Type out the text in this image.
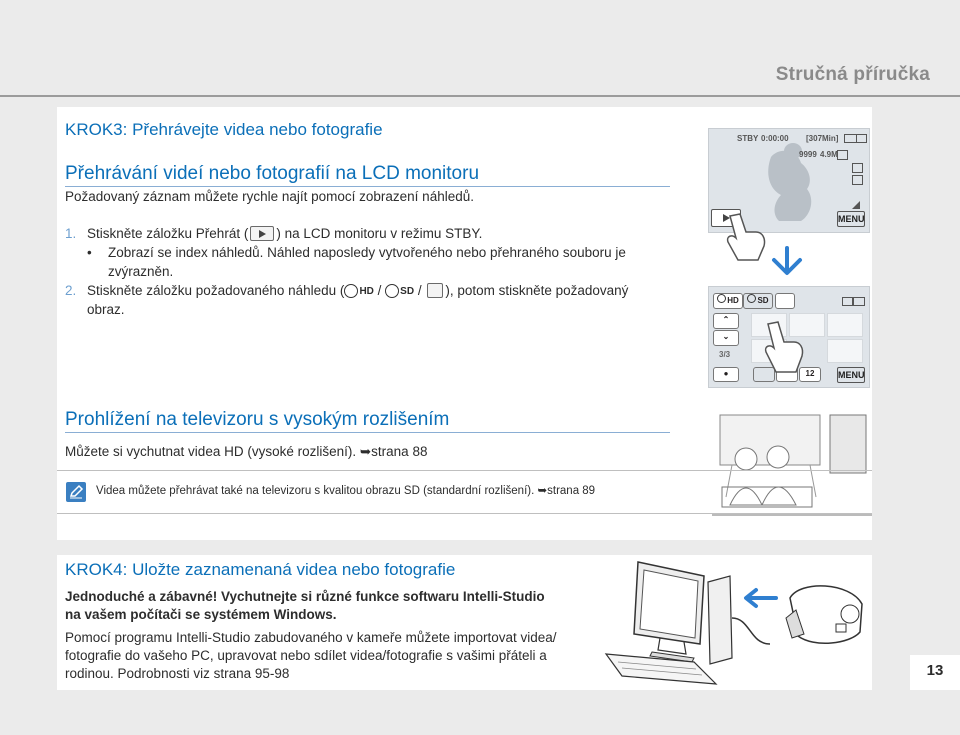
Stručná příručka
KROK3: Přehrávejte videa nebo fotografie
Přehrávání videí nebo fotografií na LCD monitoru
Požadovaný záznam můžete rychle najít pomocí zobrazení náhledů.
1. Stiskněte záložku Přehrát ( ) na LCD monitoru v režimu STBY.
• Zobrazí se index náhledů. Náhled naposledy vytvořeného nebo přehraného souboru je
zvýrazněn.
2. Stiskněte záložku požadovaného náhledu ( HD / SD / ), potom stiskněte požadovaný
obraz.
STBY 0:00:00 [307Min]
9999 4.9M
MENU
HD	SD
⌃
⌄
3/3
●	12	MENU
Prohlížení na televizoru s vysokým rozlišením
Můžete si vychutnat videa HD (vysoké rozlišení). ➥strana 88
Videa můžete přehrávat také na televizoru s kvalitou obrazu SD (standardní rozlišení). ➥strana 89
KROK4: Uložte zaznamenaná videa nebo fotografie
Jednoduché a zábavné! Vychutnejte si různé funkce softwaru Intelli-Studio
na vašem počítači se systémem Windows.
Pomocí programu Intelli-Studio zabudovaného v kameře můžete importovat videa/
fotografie do vašeho PC, upravovat nebo sdílet videa/fotografie s vašimi přáteli a
rodinou. Podrobnosti viz strana 95-98	13
